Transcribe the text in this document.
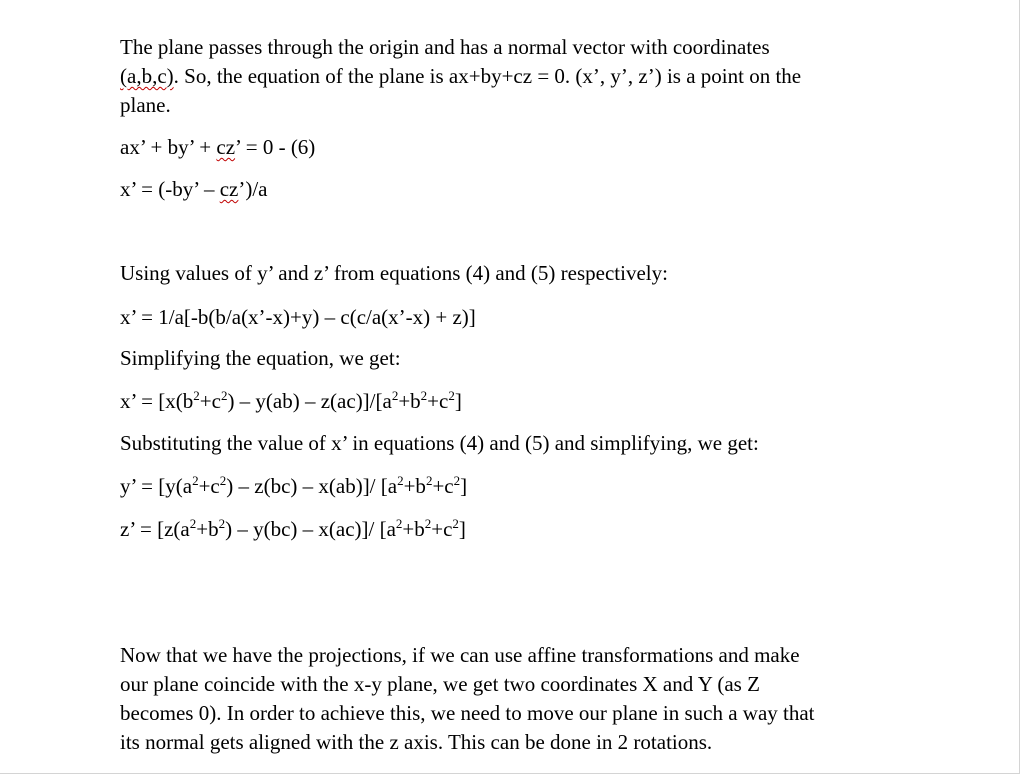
The plane passes through the origin and has a normal vector with coordinates
(a,b,c). So, the equation of the plane is ax+by+cz = 0. (x’, y’, z’) is a point on the
plane.
ax’ + by’ + cz’ = 0 - (6)
x’ = (-by’ – cz’)/a
Using values of y’ and z’ from equations (4) and (5) respectively:
x’ = 1/a[-b(b/a(x’-x)+y) – c(c/a(x’-x) + z)]
Simplifying the equation, we get:
x’ = $[x(b^2+c^2) - y(ab) - z(ac)]/[a^2+b^2+c^2]$
Substituting the value of x’ in equations (4) and (5) and simplifying, we get:
y’ = $[y(a^2+c^2) - z(bc) - x(ab)]/$ $[a^2+b^2+c^2]$
z’ = $[z(a^2+b^2) - y(bc) - x(ac)]/$ $[a^2+b^2+c^2]$
Now that we have the projections, if we can use affine transformations and make
our plane coincide with the x-y plane, we get two coordinates X and Y (as Z
becomes 0). In order to achieve this, we need to move our plane in such a way that
its normal gets aligned with the z axis. This can be done in 2 rotations.
